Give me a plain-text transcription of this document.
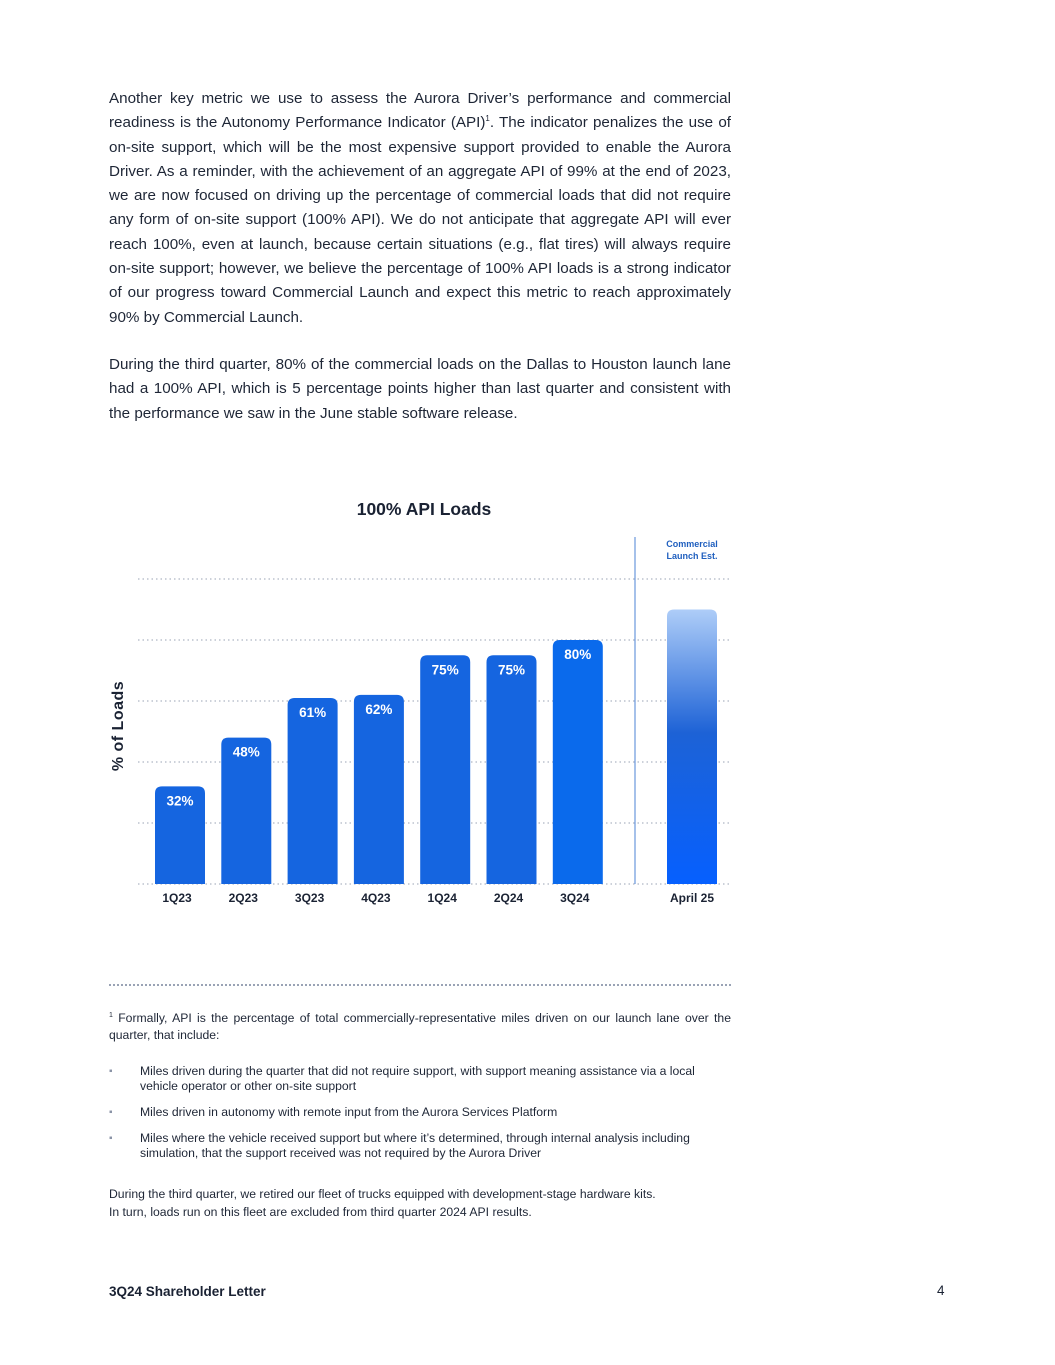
Another key metric we use to assess the Aurora Driver’s performance and commercial readiness is the Autonomy Performance Indicator (API)$^1$. The indicator penalizes the use of on-site support, which will be the most expensive support provided to enable the Aurora Driver. As a reminder, with the achievement of an aggregate API of 99% at the end of 2023, we are now focused on driving up the percentage of commercial loads that did not require any form of on-site support (100% API). We do not anticipate that aggregate API will ever reach 100%, even at launch, because certain situations (e.g., flat tires) will always require on-site support; however, we believe the percentage of 100% API loads is a strong indicator of our progress toward Commercial Launch and expect this metric to reach approximately 90% by Commercial Launch.

During the third quarter, 80% of the commercial loads on the Dallas to Houston launch lane had a 100% API, which is 5 percentage points higher than last quarter and consistent with the performance we saw in the June stable software release.

100% API Loads
% of Loads
32%
1Q23
48%
2Q23
61%
3Q23
62%
4Q23
75%
1Q24
75%
2Q24
80%
3Q24	April 25
Commercial
Launch Est.

$^1$ Formally, API is the percentage of total commercially-representative miles driven on our launch lane over the quarter, that include:

▪ Miles driven during the quarter that did not require support, with support meaning assistance via a local vehicle operator or other on-site support
▪ Miles driven in autonomy with remote input from the Aurora Services Platform
▪ Miles where the vehicle received support but where it’s determined, through internal analysis including simulation, that the support received was not required by the Aurora Driver

During the third quarter, we retired our fleet of trucks equipped with development-stage hardware kits.
In turn, loads run on this fleet are excluded from third quarter 2024 API results.

3Q24 Shareholder Letter	4
